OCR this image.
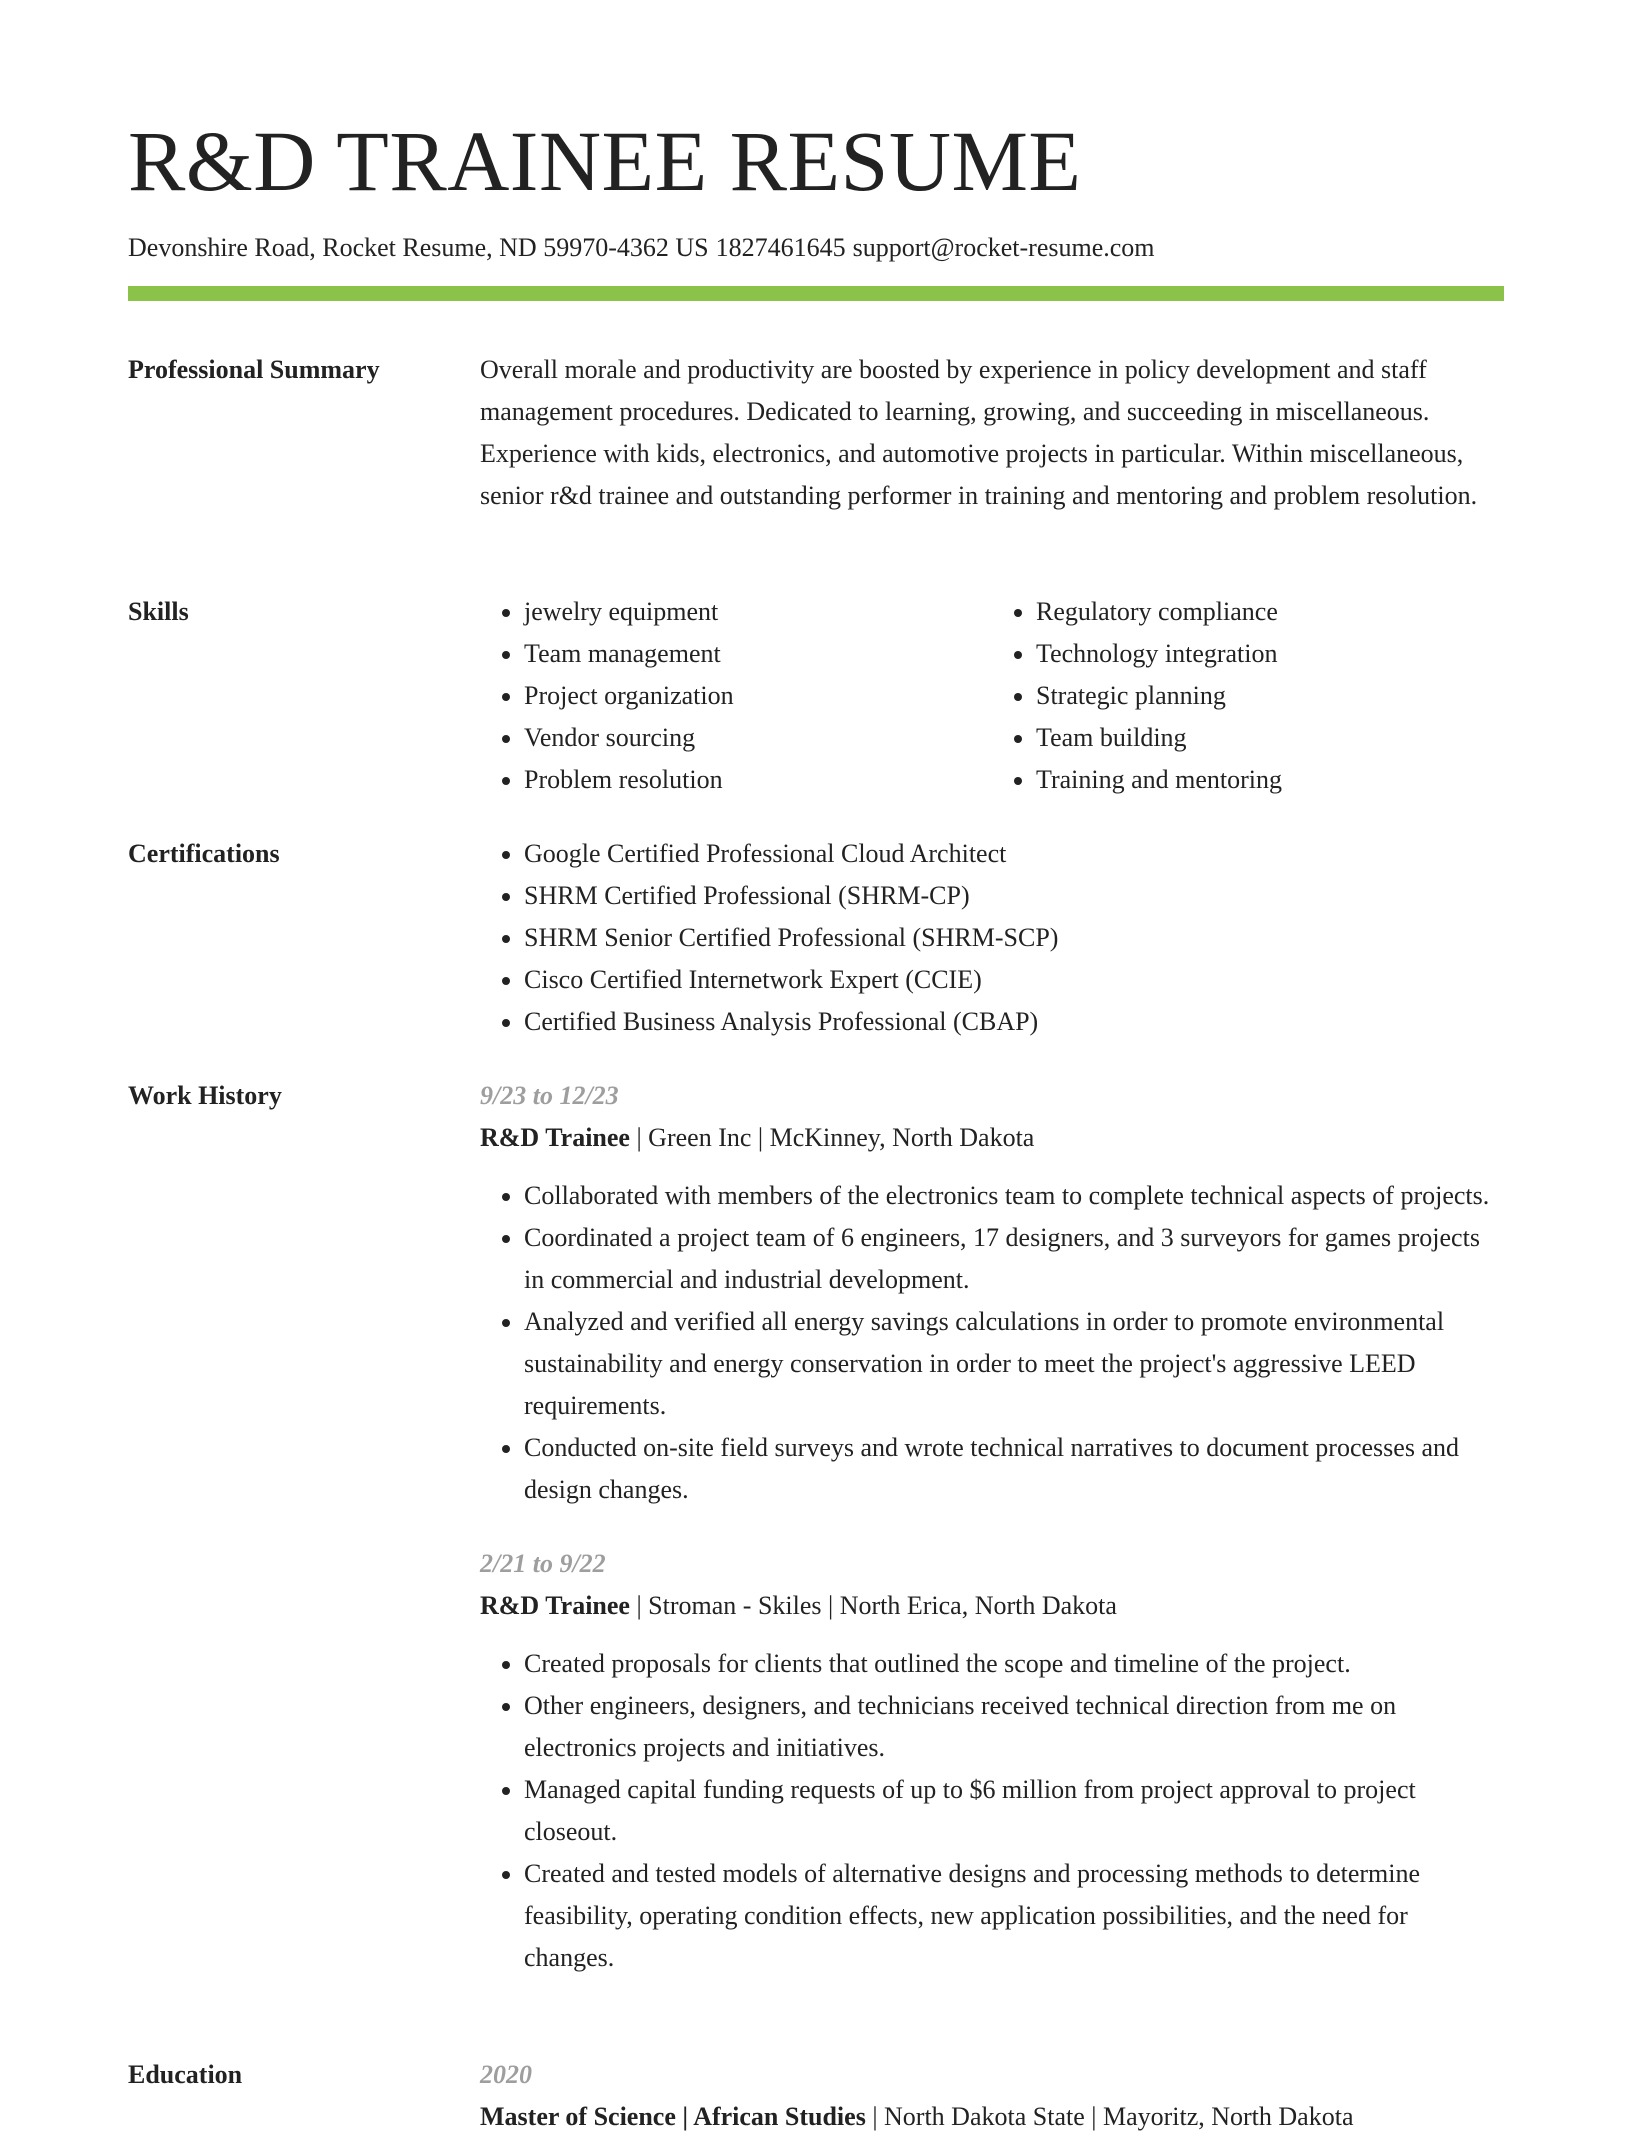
R&D TRAINEE RESUME
Devonshire Road, Rocket Resume, ND 59970-4362 US 1827461645 support@rocket-resume.com
Professional Summary	Overall morale and productivity are boosted by experience in policy development and staff management procedures. Dedicated to learning, growing, and succeeding in miscellaneous. Experience with kids, electronics, and automotive projects in particular. Within miscellaneous, senior r&d trainee and outstanding performer in training and mentoring and problem resolution.

Skills	• jewelry equipment
• Team management
• Project organization
• Vendor sourcing
• Problem resolution
• Regulatory compliance
• Technology integration
• Strategic planning
• Team building
• Training and mentoring
Certifications	• Google Certified Professional Cloud Architect
• SHRM Certified Professional (SHRM-CP)
• SHRM Senior Certified Professional (SHRM-SCP)
• Cisco Certified Internetwork Expert (CCIE)
• Certified Business Analysis Professional (CBAP)
Work History	9/23 to 12/23
R&D Trainee | Green Inc | McKinney, North Dakota
• Collaborated with members of the electronics team to complete technical aspects of projects.
• Coordinated a project team of 6 engineers, 17 designers, and 3 surveyors for games projects in commercial and industrial development.
• Analyzed and verified all energy savings calculations in order to promote environmental sustainability and energy conservation in order to meet the project's aggressive LEED requirements.
• Conducted on-site field surveys and wrote technical narratives to document processes and design changes.
2/21 to 9/22
R&D Trainee | Stroman - Skiles | North Erica, North Dakota
• Created proposals for clients that outlined the scope and timeline of the project.
• Other engineers, designers, and technicians received technical direction from me on electronics projects and initiatives.
• Managed capital funding requests of up to $6 million from project approval to project closeout.
• Created and tested models of alternative designs and processing methods to determine feasibility, operating condition effects, new application possibilities, and the need for changes.
Education	2020
Master of Science | African Studies | North Dakota State | Mayoritz, North Dakota
